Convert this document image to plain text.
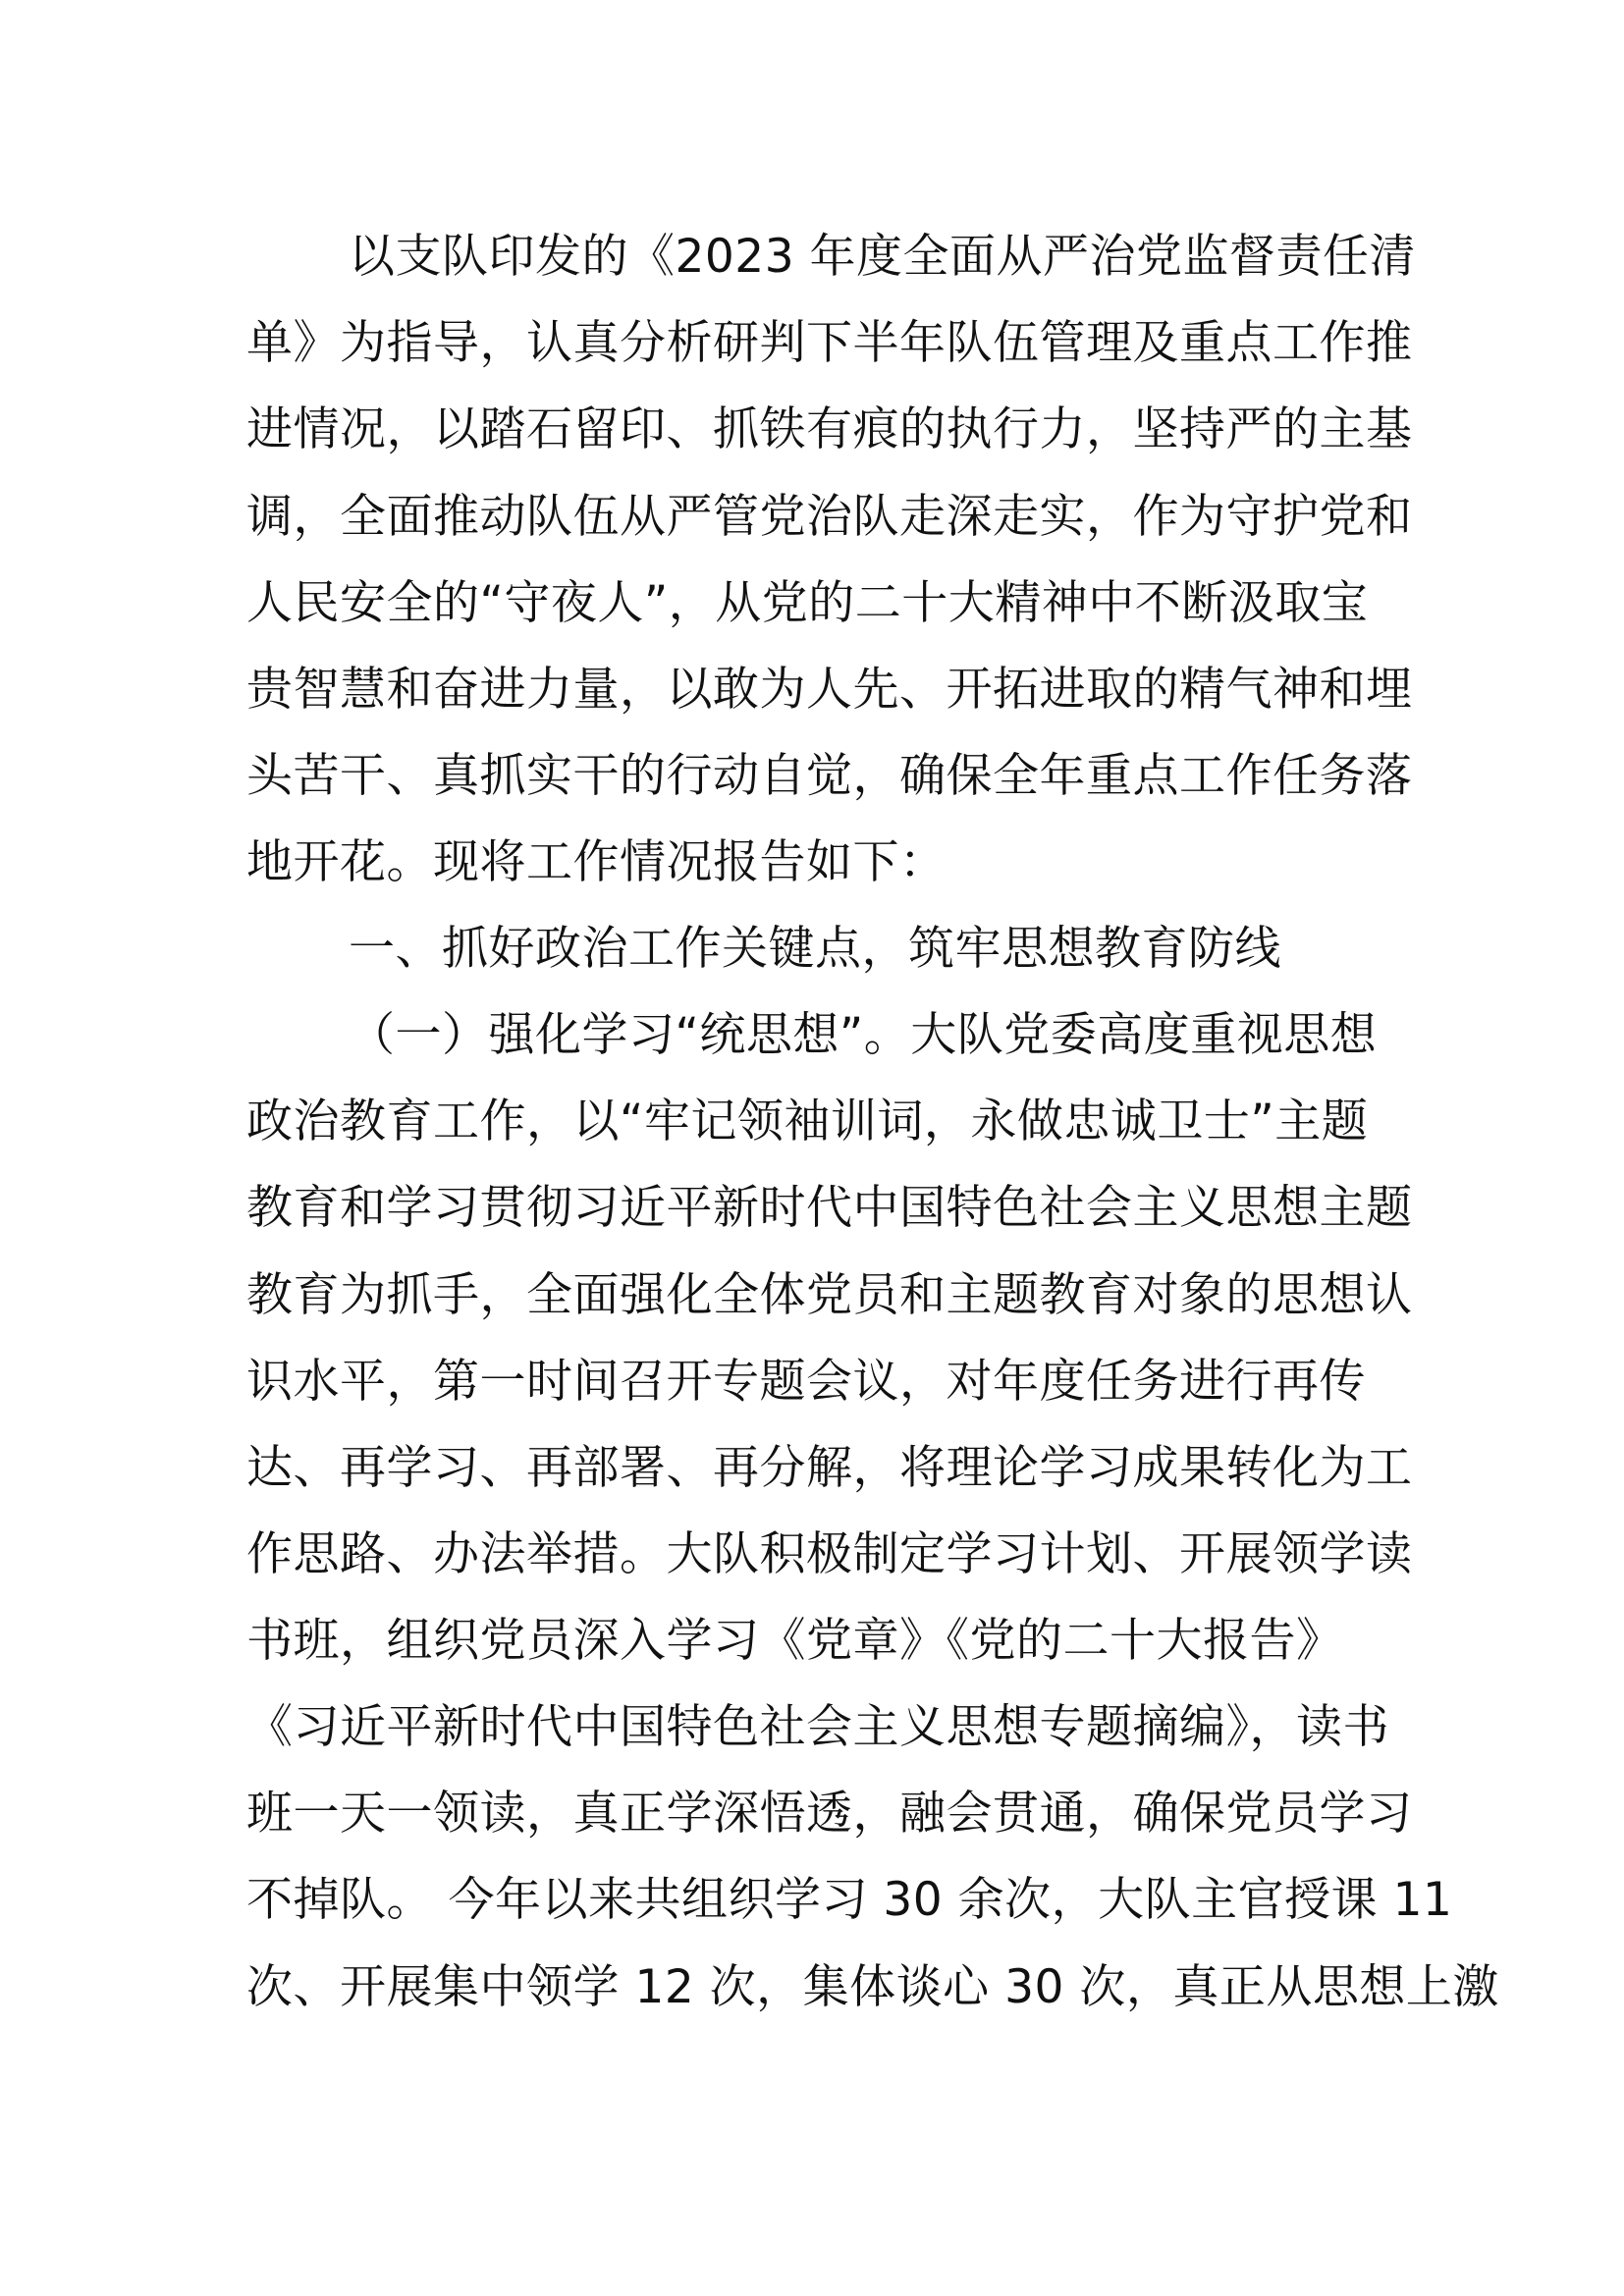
以支队印发的《2023 年度全面从严治党监督责任清
单》为指导，认真分析研判下半年队伍管理及重点工作推
进情况，以踏石留印、抓铁有痕的执行力，坚持严的主基
调，全面推动队伍从严管党治队走深走实，作为守护党和
人民安全的“守夜人”，从党的二十大精神中不断汲取宝
贵智慧和奋进力量，以敢为人先、开拓进取的精气神和埋
头苦干、真抓实干的行动自觉，确保全年重点工作任务落
地开花。现将工作情况报告如下：
一、抓好政治工作关键点，筑牢思想教育防线
（一）强化学习“统思想”。大队党委高度重视思想
政治教育工作，以“牢记领袖训词，永做忠诚卫士”主题
教育和学习贯彻习近平新时代中国特色社会主义思想主题
教育为抓手，全面强化全体党员和主题教育对象的思想认
识水平，第一时间召开专题会议，对年度任务进行再传
达、再学习、再部署、再分解，将理论学习成果转化为工
作思路、办法举措。大队积极制定学习计划、开展领学读
书班，组织党员深入学习《党章》《党的二十大报告》
《习近平新时代中国特色社会主义思想专题摘编》，读书
班一天一领读，真正学深悟透，融会贯通，确保党员学习
不掉队。 今年以来共组织学习 30 余次，大队主官授课 11
次、开展集中领学 12 次，集体谈心 30 次，真正从思想上激
